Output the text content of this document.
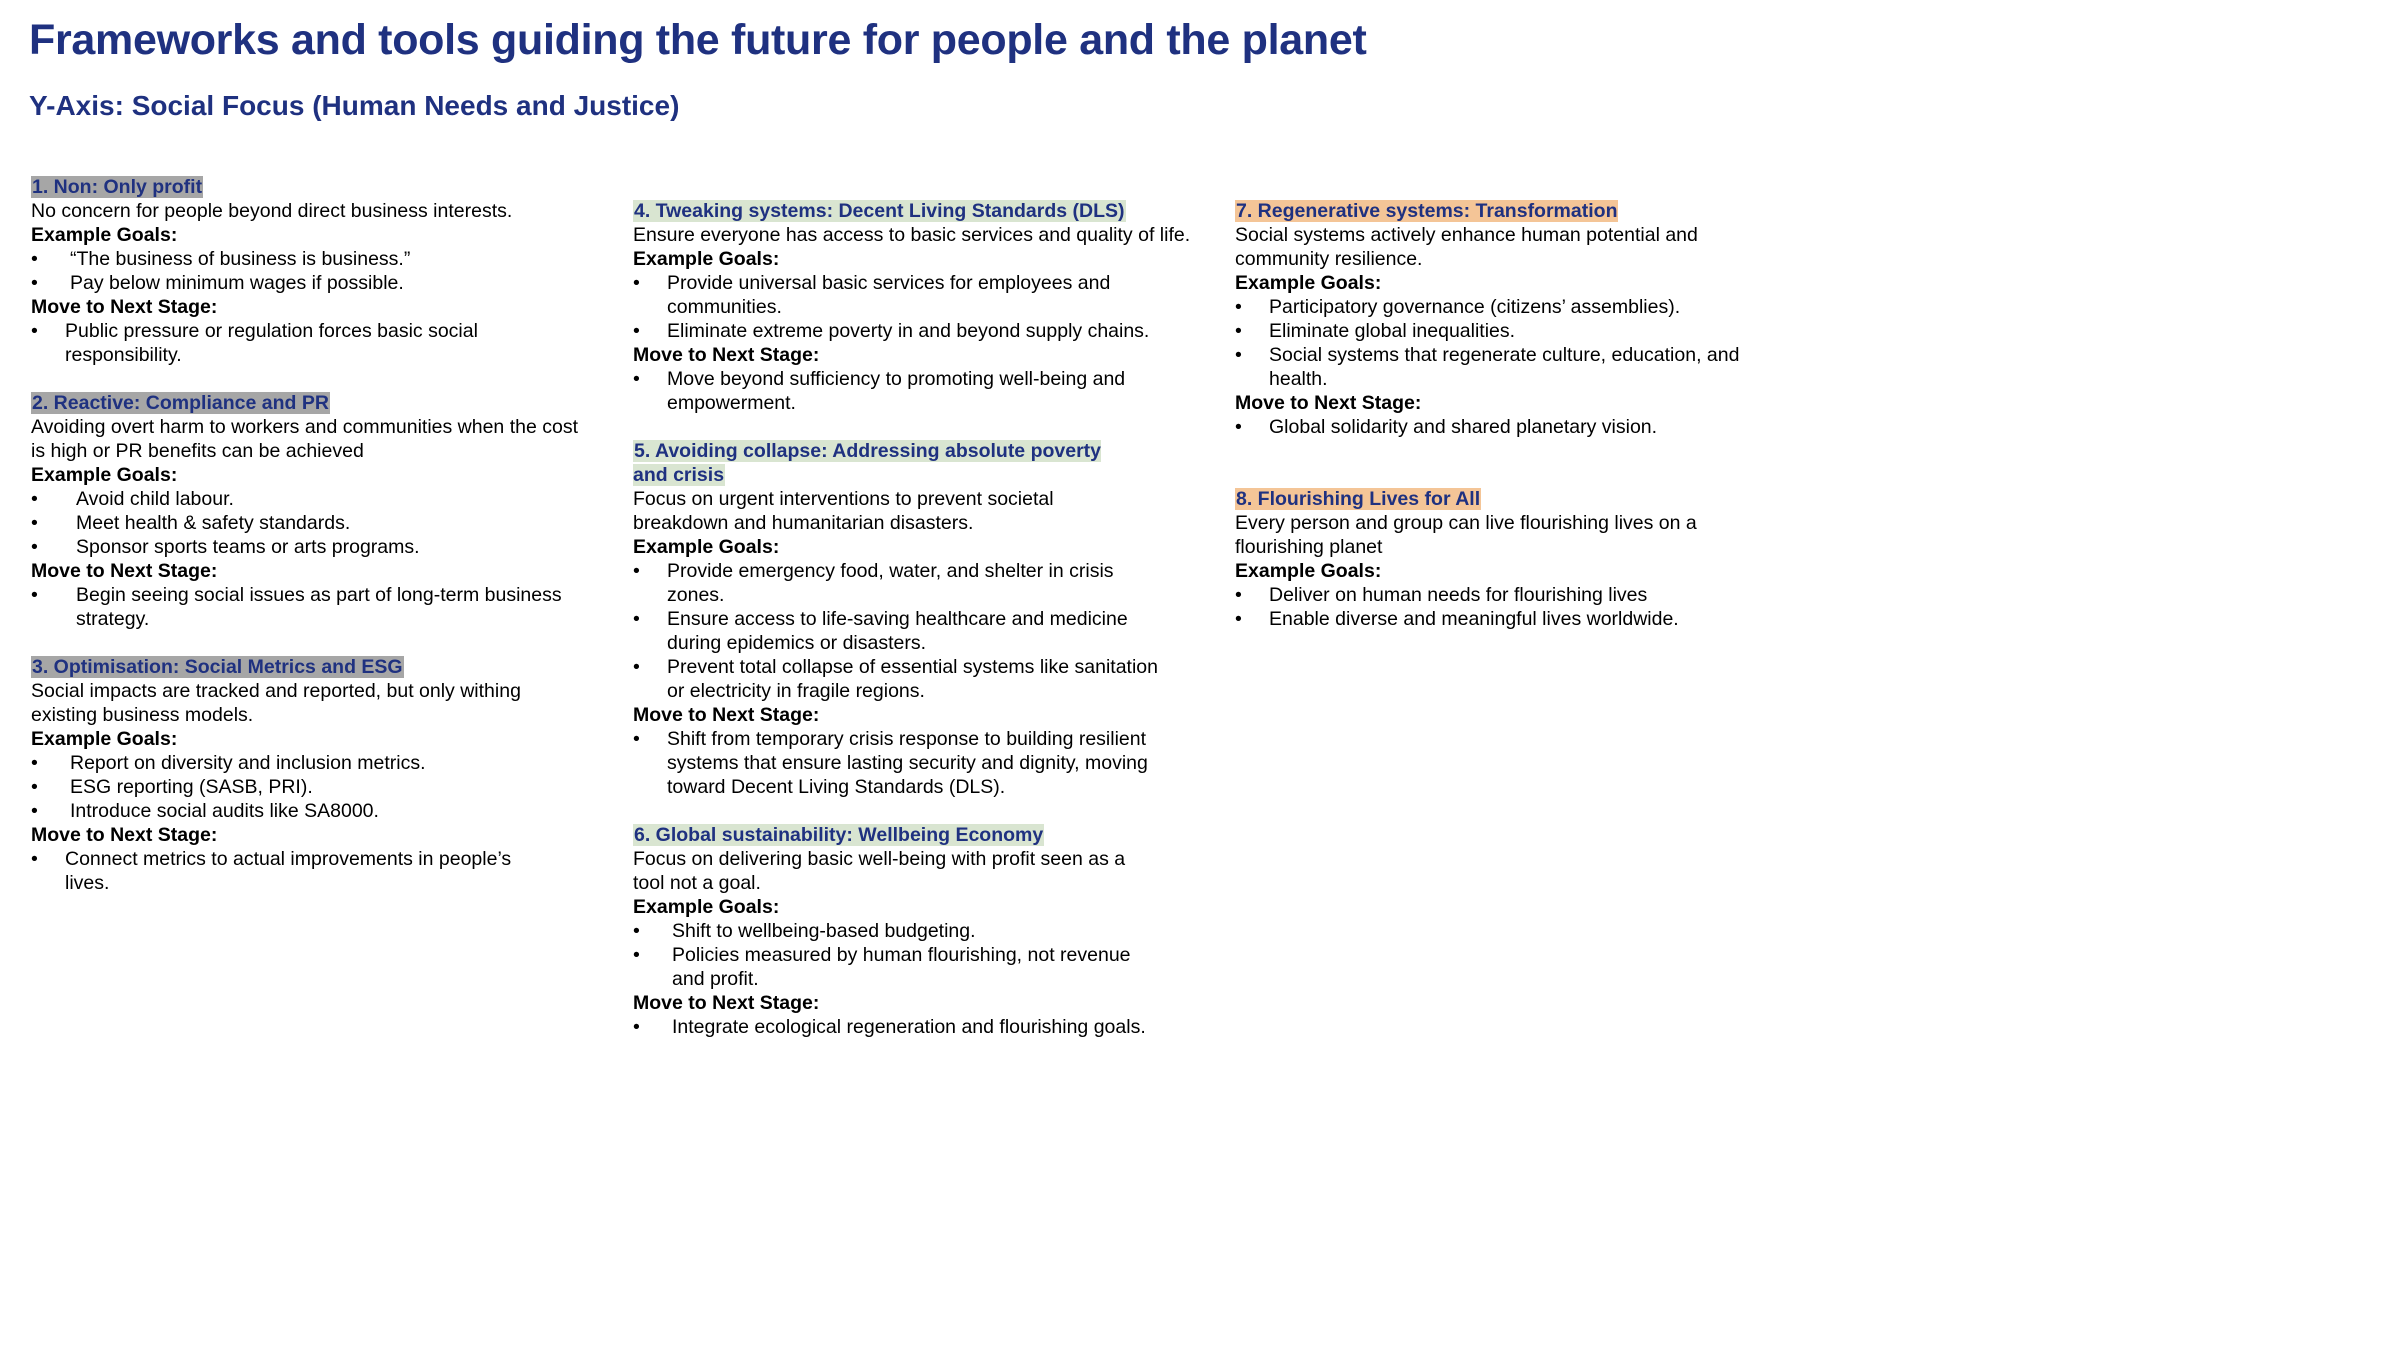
Frameworks and tools guiding the future for people and the planet
Y-Axis: Social Focus (Human Needs and Justice)
1. Non: Only profit
No concern for people beyond direct business interests.
Example Goals:
• “The business of business is business.”
• Pay below minimum wages if possible.
Move to Next Stage:
• Public pressure or regulation forces basic social responsibility.
2. Reactive: Compliance and PR
Avoiding overt harm to workers and communities when the cost is high or PR benefits can be achieved
Example Goals:
• Avoid child labour.
• Meet health & safety standards.
• Sponsor sports teams or arts programs.
Move to Next Stage:
• Begin seeing social issues as part of long-term business strategy.
3. Optimisation: Social Metrics and ESG
Social impacts are tracked and reported, but only withing existing business models.
Example Goals:
• Report on diversity and inclusion metrics.
• ESG reporting (SASB, PRI).
• Introduce social audits like SA8000.
Move to Next Stage:
• Connect metrics to actual improvements in people’s lives.
4. Tweaking systems: Decent Living Standards (DLS)
Ensure everyone has access to basic services and quality of life.
Example Goals:
• Provide universal basic services for employees and communities.
• Eliminate extreme poverty in and beyond supply chains.
Move to Next Stage:
• Move beyond sufficiency to promoting well-being and empowerment.
5. Avoiding collapse: Addressing absolute poverty and crisis
Focus on urgent interventions to prevent societal breakdown and humanitarian disasters.
Example Goals:
• Provide emergency food, water, and shelter in crisis zones.
• Ensure access to life-saving healthcare and medicine during epidemics or disasters.
• Prevent total collapse of essential systems like sanitation or electricity in fragile regions.
Move to Next Stage:
• Shift from temporary crisis response to building resilient systems that ensure lasting security and dignity, moving toward Decent Living Standards (DLS).
6. Global sustainability: Wellbeing Economy
Focus on delivering basic well-being with profit seen as a tool not a goal.
Example Goals:
• Shift to wellbeing-based budgeting.
• Policies measured by human flourishing, not revenue and profit.
Move to Next Stage:
• Integrate ecological regeneration and flourishing goals.
7. Regenerative systems: Transformation
Social systems actively enhance human potential and community resilience.
Example Goals:
• Participatory governance (citizens’ assemblies).
• Eliminate global inequalities.
• Social systems that regenerate culture, education, and health.
Move to Next Stage:
• Global solidarity and shared planetary vision.
8. Flourishing Lives for All
Every person and group can live flourishing lives on a flourishing planet
Example Goals:
• Deliver on human needs for flourishing lives
• Enable diverse and meaningful lives worldwide.
